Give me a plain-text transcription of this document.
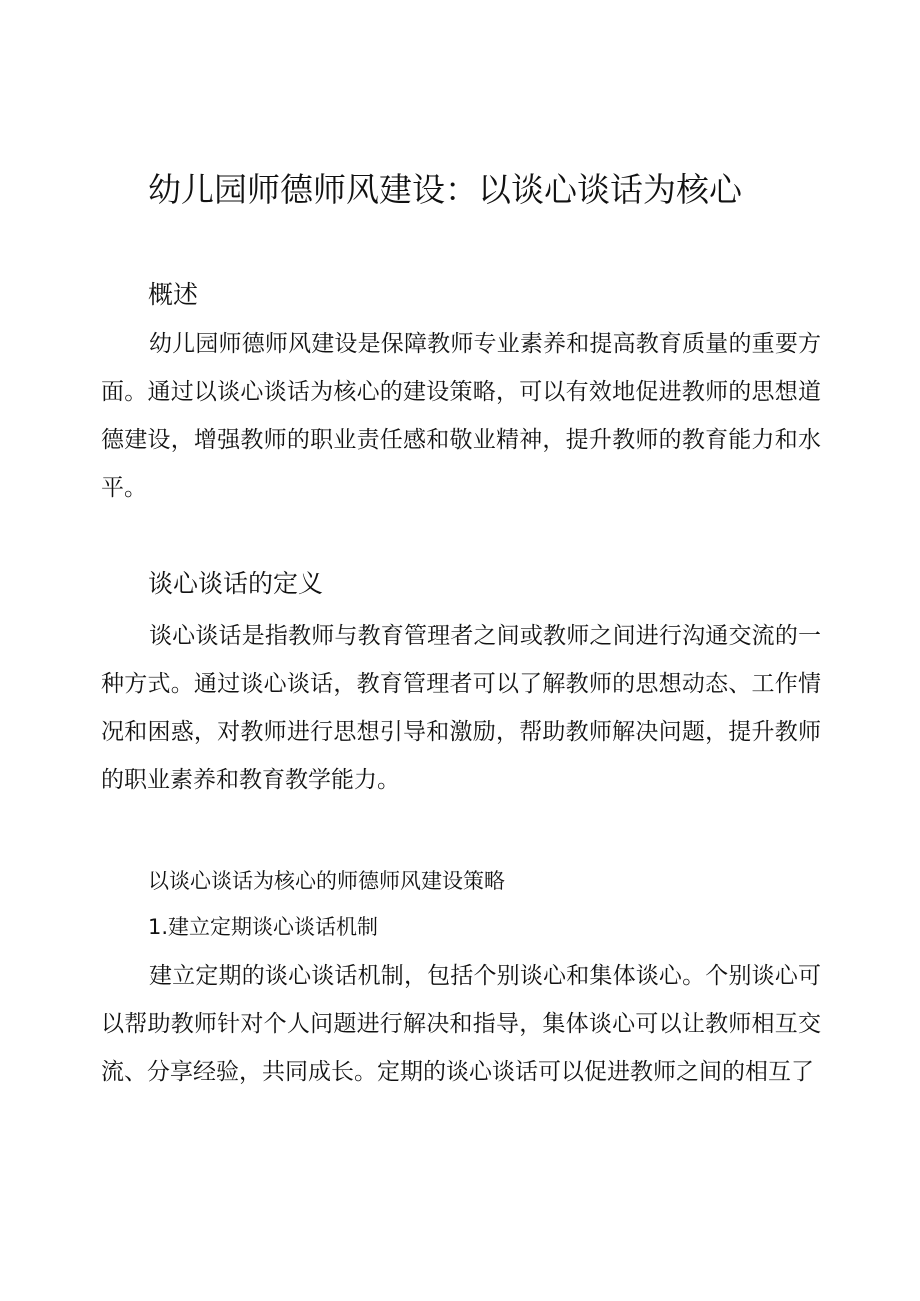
幼儿园师德师风建设：以谈心谈话为核心
概述

幼儿园师德师风建设是保障教师专业素养和提高教育质量的重要方面。通过以谈心谈话为核心的建设策略，可以有效地促进教师的思想道德建设，增强教师的职业责任感和敬业精神，提升教师的教育能力和水平。

谈心谈话的定义

谈心谈话是指教师与教育管理者之间或教师之间进行沟通交流的一种方式。通过谈心谈话，教育管理者可以了解教师的思想动态、工作情况和困惑，对教师进行思想引导和激励，帮助教师解决问题，提升教师的职业素养和教育教学能力。

以谈心谈话为核心的师德师风建设策略
1.建立定期谈心谈话机制

建立定期的谈心谈话机制，包括个别谈心和集体谈心。个别谈心可以帮助教师针对个人问题进行解决和指导，集体谈心可以让教师相互交流、分享经验，共同成长。定期的谈心谈话可以促进教师之间的相互了
